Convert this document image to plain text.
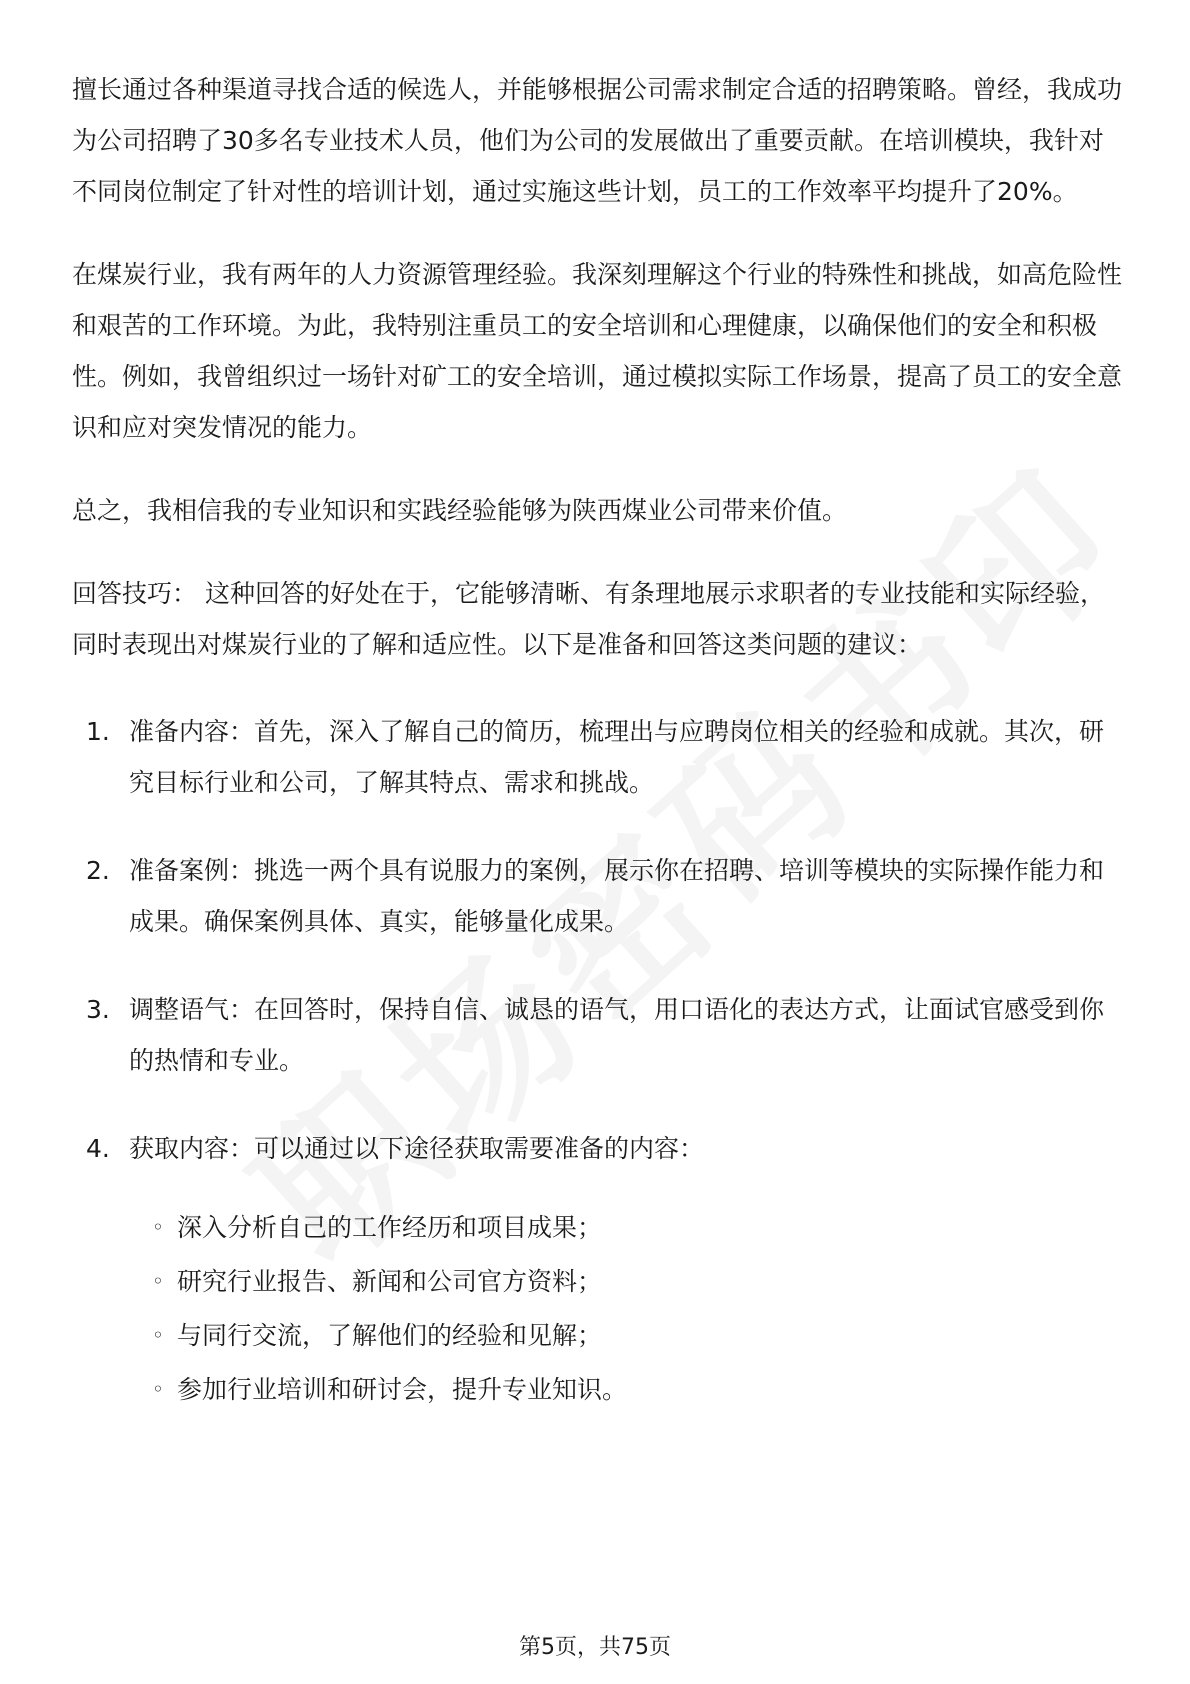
擅长通过各种渠道寻找合适的候选人，并能够根据公司需求制定合适的招聘策略。曾经，我成功为公司招聘了30多名专业技术人员，他们为公司的发展做出了重要贡献。在培训模块，我针对不同岗位制定了针对性的培训计划，通过实施这些计划，员工的工作效率平均提升了20%。

在煤炭行业，我有两年的人力资源管理经验。我深刻理解这个行业的特殊性和挑战，如高危险性和艰苦的工作环境。为此，我特别注重员工的安全培训和心理健康，以确保他们的安全和积极性。例如，我曾组织过一场针对矿工的安全培训，通过模拟实际工作场景，提高了员工的安全意识和应对突发情况的能力。

总之，我相信我的专业知识和实践经验能够为陕西煤业公司带来价值。

回答技巧： 这种回答的好处在于，它能够清晰、有条理地展示求职者的专业技能和实际经验，同时表现出对煤炭行业的了解和适应性。以下是准备和回答这类问题的建议：

1. 准备内容：首先，深入了解自己的简历，梳理出与应聘岗位相关的经验和成就。其次，研究目标行业和公司，了解其特点、需求和挑战。
2. 准备案例：挑选一两个具有说服力的案例，展示你在招聘、培训等模块的实际操作能力和成果。确保案例具体、真实，能够量化成果。
3. 调整语气：在回答时，保持自信、诚恳的语气，用口语化的表达方式，让面试官感受到你的热情和专业。
4. 获取内容：可以通过以下途径获取需要准备的内容：
◦ 深入分析自己的工作经历和项目成果；
◦ 研究行业报告、新闻和公司官方资料；
◦ 与同行交流，了解他们的经验和见解；
◦ 参加行业培训和研讨会，提升专业知识。
第5页，共75页
